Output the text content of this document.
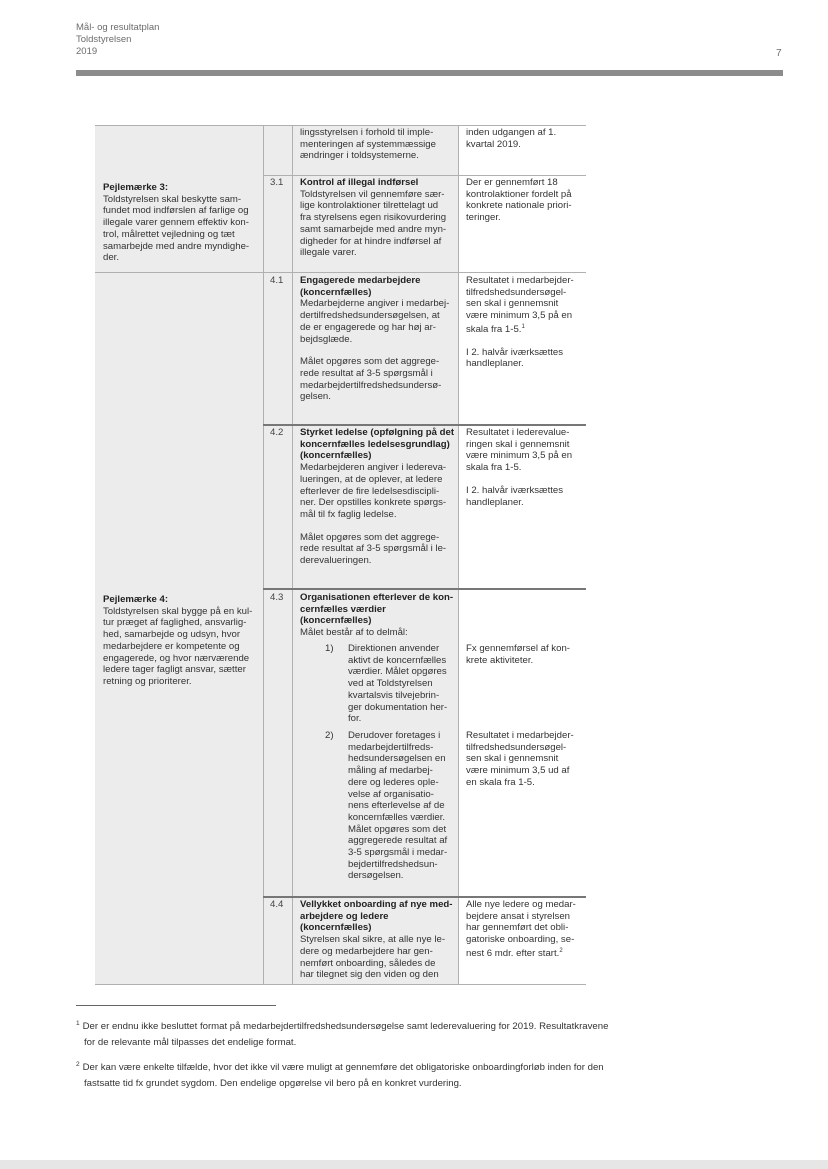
Mål- og resultatplan
Toldstyrelsen
2019	7
lingsstyrelsen i forhold til imple-
menteringen af systemmæssige
ændringer i toldsystemerne.
inden udgangen af 1.
kvartal 2019.
Pejlemærke 3:
Toldstyrelsen skal beskytte sam-
fundet mod indførslen af farlige og
illegale varer gennem effektiv kon-
trol, målrettet vejledning og tæt
samarbejde med andre myndighe-
der.
3.1 Kontrol af illegal indførsel
Toldstyrelsen vil gennemføre sær-
lige kontrolaktioner tilrettelagt ud
fra styrelsens egen risikovurdering
samt samarbejde med andre myn-
digheder for at hindre indførsel af
illegale varer.
Der er gennemført 18
kontrolaktioner fordelt på
konkrete nationale priori-
teringer.
4.1 Engagerede medarbejdere
(koncernfælles)
Medarbejderne angiver i medarbej-
dertilfredshedsundersøgelsen, at
de er engagerede og har høj ar-
bejdsglæde.
Målet opgøres som det aggrege-
rede resultat af 3-5 spørgsmål i
medarbejdertilfredshedsundersø-
gelsen.
Resultatet i medarbejder-
tilfredshedsundersøgel-
sen skal i gennemsnit
være minimum 3,5 på en
skala fra 1-5.$^1$
I 2. halvår iværksættes
handleplaner.
4.2 Styrket ledelse (opfølgning på det
koncernfælles ledelsesgrundlag)
(koncernfælles)
Medarbejderen angiver i ledereva-
lueringen, at de oplever, at ledere
efterlever de fire ledelsesdiscipli-
ner. Der opstilles konkrete spørgs-
mål til fx faglig ledelse.
Målet opgøres som det aggrege-
rede resultat af 3-5 spørgsmål i le-
derevalueringen.
Resultatet i lederevalue-
ringen skal i gennemsnit
være minimum 3,5 på en
skala fra 1-5.
I 2. halvår iværksættes
handleplaner.
Pejlemærke 4:
Toldstyrelsen skal bygge på en kul-
tur præget af faglighed, ansvarlig-
hed, samarbejde og udsyn, hvor
medarbejdere er kompetente og
engagerede, og hvor nærværende
ledere tager fagligt ansvar, sætter
retning og prioriterer.
4.3 Organisationen efterlever de kon-
cernfælles værdier
(koncernfælles)
Målet består af to delmål:
1) Direktionen anvender
aktivt de koncernfælles
værdier. Målet opgøres
ved at Toldstyrelsen
kvartalsvis tilvejebrin-
ger dokumentation her-
for.
2) Derudover foretages i
medarbejdertilfreds-
hedsundersøgelsen en
måling af medarbej-
dere og lederes ople-
velse af organisatio-
nens efterlevelse af de
koncernfælles værdier.
Målet opgøres som det
aggregerede resultat af
3-5 spørgsmål i medar-
bejdertilfredshedsun-
dersøgelsen.
Fx gennemførsel af kon-
krete aktiviteter.
Resultatet i medarbejder-
tilfredshedsundersøgel-
sen skal i gennemsnit
være minimum 3,5 ud af
en skala fra 1-5.
4.4 Vellykket onboarding af nye med-
arbejdere og ledere
(koncernfælles)
Styrelsen skal sikre, at alle nye le-
dere og medarbejdere har gen-
nemført onboarding, således de
har tilegnet sig den viden og den
Alle nye ledere og medar-
bejdere ansat i styrelsen
har gennemført det obli-
gatoriske onboarding, se-
nest 6 mdr. efter start.$^2$
$^1$ Der er endnu ikke besluttet format på medarbejdertilfredshedsundersøgelse samt lederevaluering for 2019. Resultatkravene
for de relevante mål tilpasses det endelige format.
$^2$ Der kan være enkelte tilfælde, hvor det ikke vil være muligt at gennemføre det obligatoriske onboardingforløb inden for den
fastsatte tid fx grundet sygdom. Den endelige opgørelse vil bero på en konkret vurdering.
